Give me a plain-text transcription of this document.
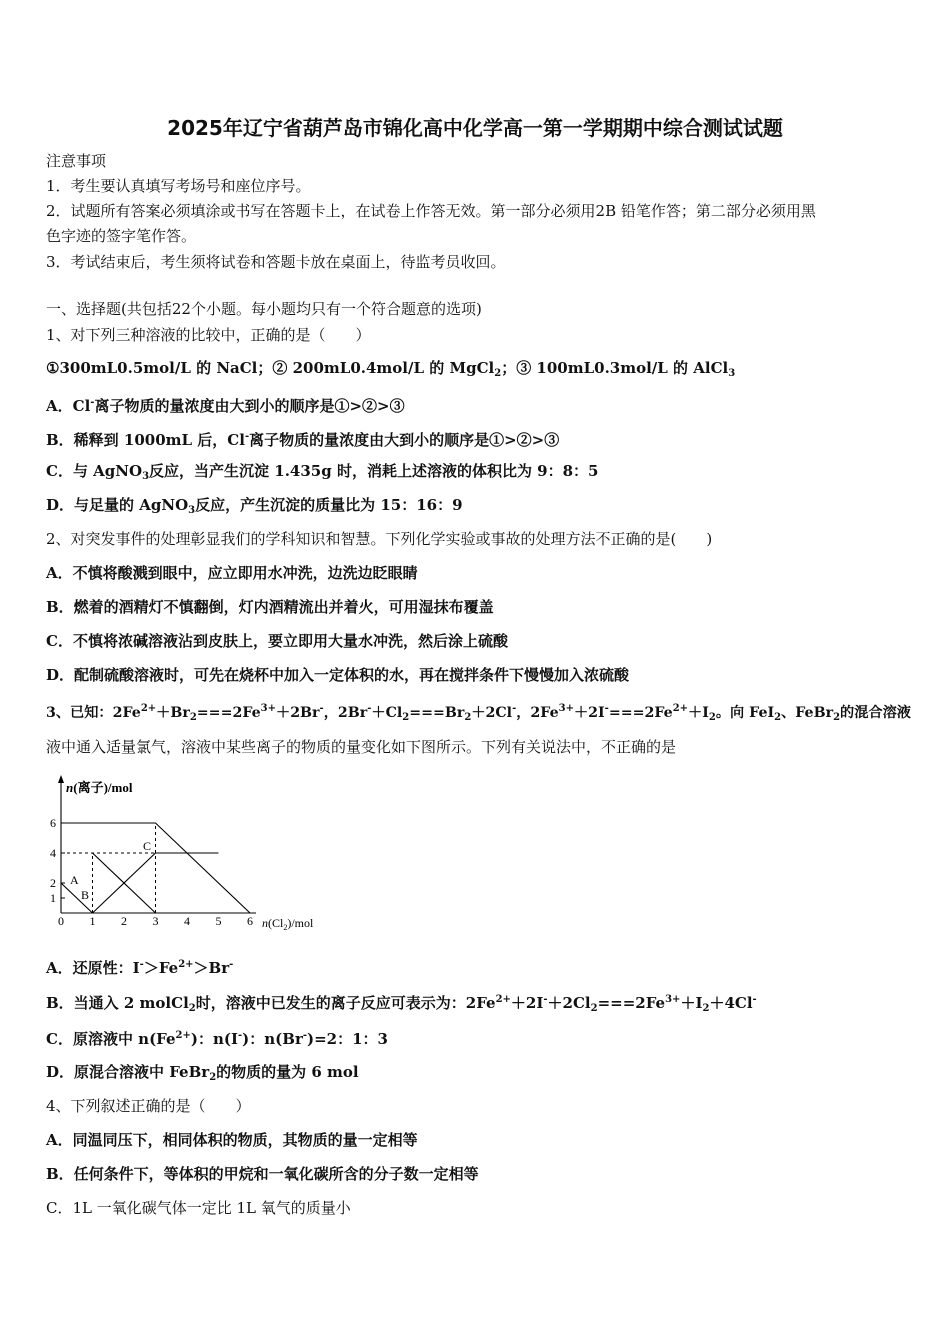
2025年辽宁省葫芦岛市锦化高中化学高一第一学期期中综合测试试题
注意事项
1．考生要认真填写考场号和座位序号。
2．试题所有答案必须填涂或书写在答题卡上，在试卷上作答无效。第一部分必须用2B 铅笔作答；第二部分必须用黑
色字迹的签字笔作答。
3．考试结束后，考生须将试卷和答题卡放在桌面上，待监考员收回。
一、选择题(共包括22个小题。每小题均只有一个符合题意的选项)
1、对下列三种溶液的比较中，正确的是（　　）
①300mL0.5mol/L 的 NaCl；② 200mL0.4mol/L 的 MgCl$_2$；③ 100mL0.3mol/L 的 AlCl$_3$
A．Cl-离子物质的量浓度由大到小的顺序是①>②>③
B．稀释到 1000mL 后，Cl-离子物质的量浓度由大到小的顺序是①>②>③
C．与 AgNO$_3$反应，当产生沉淀 1.435g 时，消耗上述溶液的体积比为 9：8：5
D．与足量的 AgNO$_3$反应，产生沉淀的质量比为 15：16：9
2、对突发事件的处理彰显我们的学科知识和智慧。下列化学实验或事故的处理方法不正确的是(　　)
A．不慎将酸溅到眼中，应立即用水冲洗，边洗边眨眼睛
B．燃着的酒精灯不慎翻倒，灯内酒精流出并着火，可用湿抹布覆盖
C．不慎将浓碱溶液沾到皮肤上，要立即用大量水冲洗，然后涂上硫酸
D．配制硫酸溶液时，可先在烧杯中加入一定体积的水，再在搅拌条件下慢慢加入浓硫酸
3、已知：$2Fe^{2+}+Br_2===2Fe^{3+}+2Br^-$，$2Br^-+Cl_2===Br_2+2Cl^-$，$2Fe^{3+}+2I^-===2Fe^{2+}+I_2$。向 FeI$_2$、FeBr$_2$的混合溶液
液中通入适量氯气，溶液中某些离子的物质的量变化如下图所示。下列有关说法中，不正确的是
0 1 2 3 4 5 6
1
2
4
6
n(离子)/mol
$n(Cl_2)$/mol
A
B
C
A．还原性：$I^->Fe^{2+}>Br^-$
B．当通入 2 molCl$_2$时，溶液中已发生的离子反应可表示为：$2Fe^{2+}+2I^-+2Cl_2===2Fe^{3+}+I_2+4Cl^-$
C．原溶液中 $n(Fe^{2+})$：n(I-)：n(Br-)=2：1：3
D．原混合溶液中 FeBr$_2$的物质的量为 6 mol
4、下列叙述正确的是（　　）
A．同温同压下，相同体积的物质，其物质的量一定相等
B．任何条件下，等体积的甲烷和一氧化碳所含的分子数一定相等
C．1L 一氧化碳气体一定比 1L 氧气的质量小
